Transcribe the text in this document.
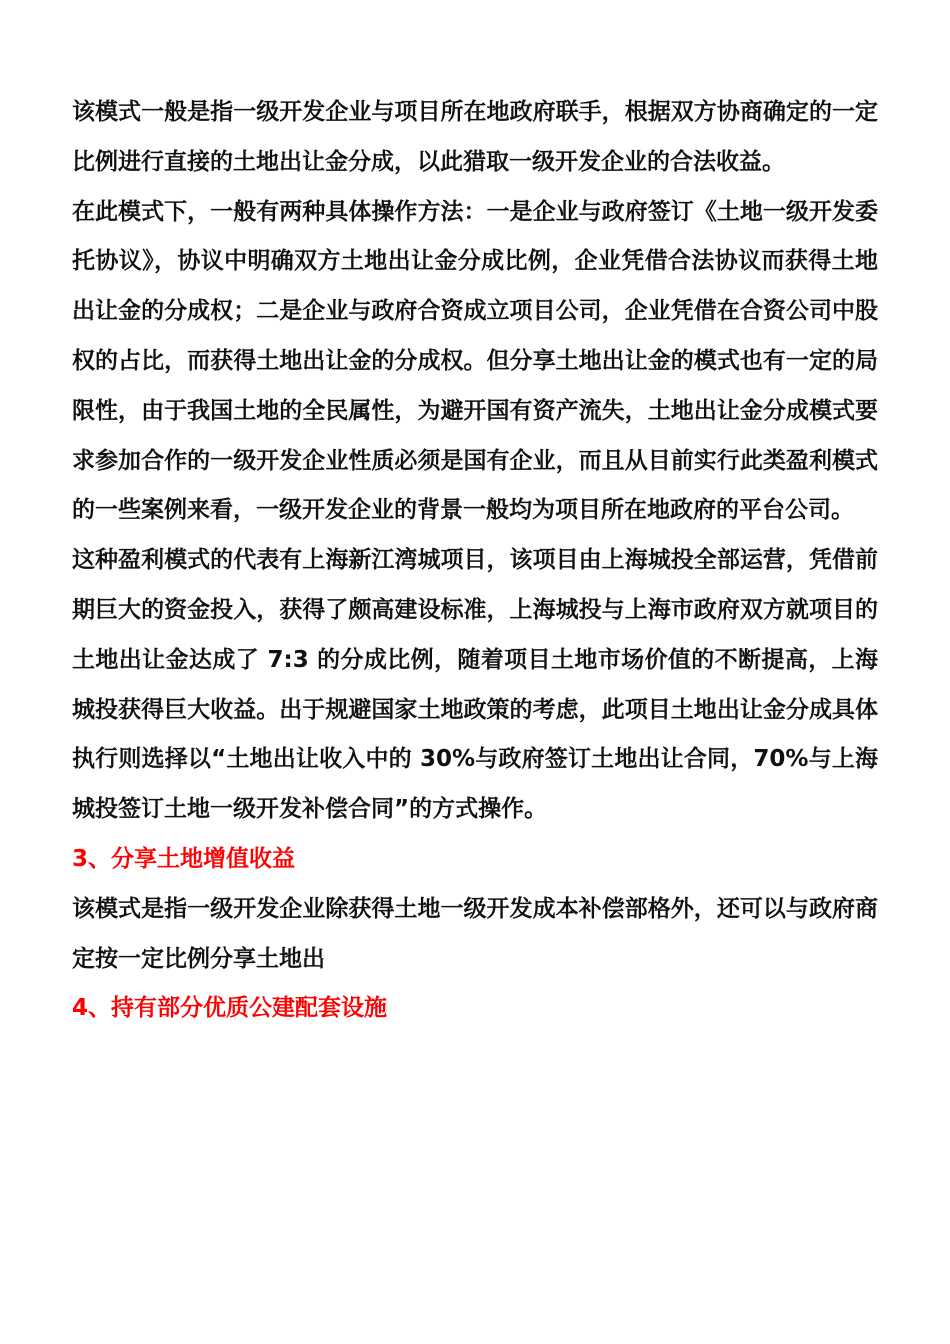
该模式一般是指一级开发企业与项目所在地政府联手，根据双方协商确定的一定比例进行直接的土地出让金分成，以此猎取一级开发企业的合法收益。

在此模式下，一般有两种具体操作方法：一是企业与政府签订《土地一级开发委托协议》，协议中明确双方土地出让金分成比例，企业凭借合法协议而获得土地出让金的分成权；二是企业与政府合资成立项目公司，企业凭借在合资公司中股权的占比，而获得土地出让金的分成权。但分享土地出让金的模式也有一定的局限性，由于我国土地的全民属性，为避开国有资产流失，土地出让金分成模式要求参加合作的一级开发企业性质必须是国有企业，而且从目前实行此类盈利模式的一些案例来看，一级开发企业的背景一般均为项目所在地政府的平台公司。

这种盈利模式的代表有上海新江湾城项目，该项目由上海城投全部运营，凭借前期巨大的资金投入，获得了颇高建设标准，上海城投与上海市政府双方就项目的土地出让金达成了 7:3 的分成比例，随着项目土地市场价值的不断提高，上海城投获得巨大收益。出于规避国家土地政策的考虑，此项目土地出让金分成具体执行则选择以“土地出让收入中的 30%与政府签订土地出让合同，70%与上海城投签订土地一级开发补偿合同”的方式操作。

3、分享土地增值收益

该模式是指一级开发企业除获得土地一级开发成本补偿部格外，还可以与政府商定按一定比例分享土地出

4、持有部分优质公建配套设施
